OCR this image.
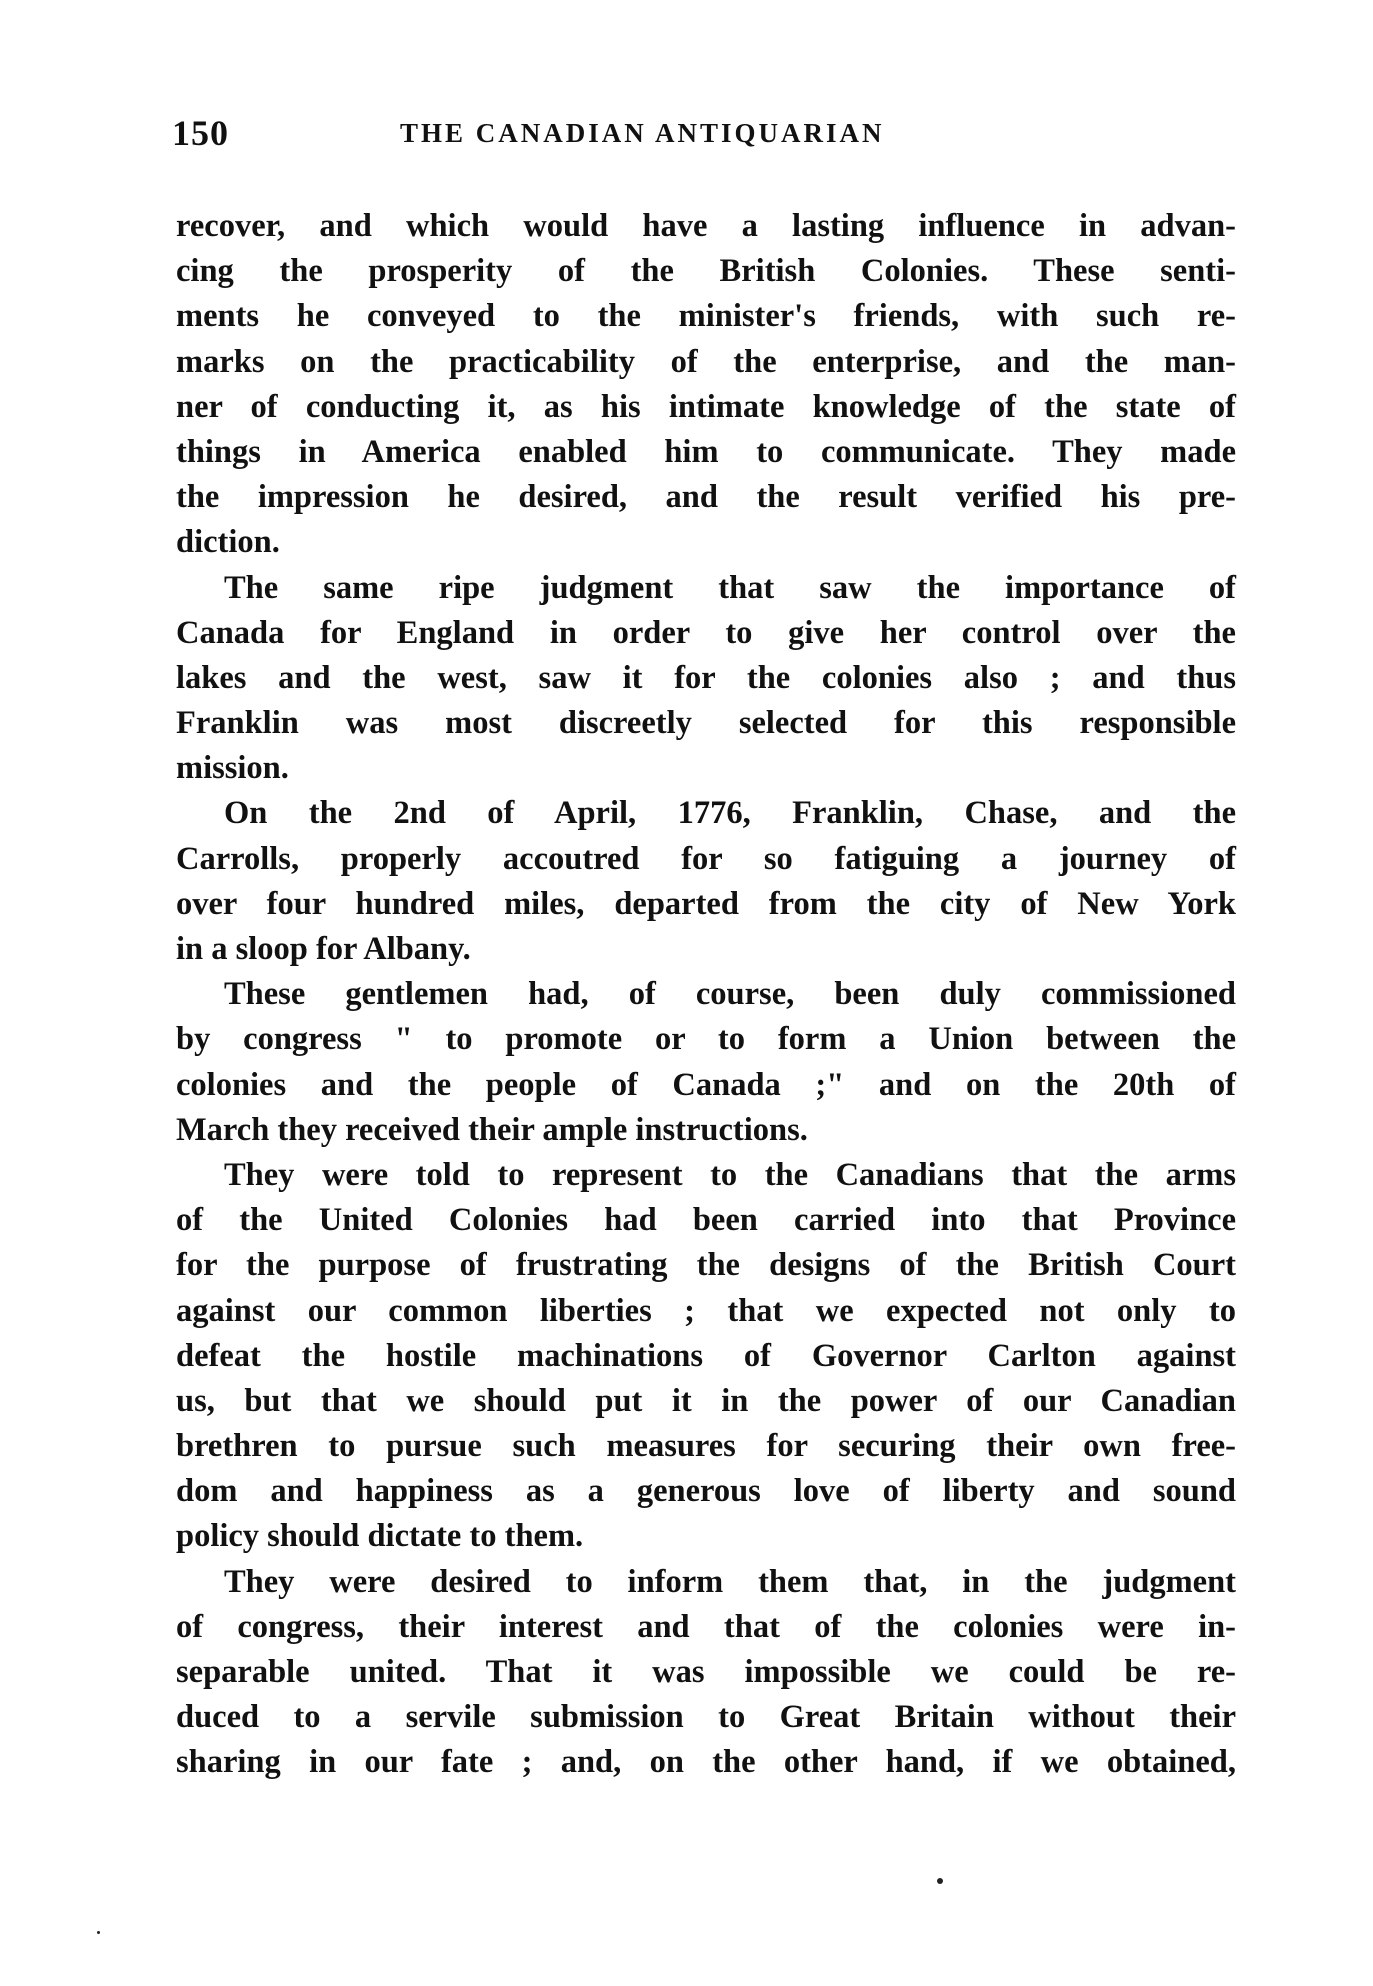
150	THE CANADIAN ANTIQUARIAN
recover, and which would have a lasting influence in advan-
cing the prosperity of the British Colonies. These senti-
ments he conveyed to the minister's friends, with such re-
marks on the practicability of the enterprise, and the man-
ner of conducting it, as his intimate knowledge of the state of
things in America enabled him to communicate. They made
the impression he desired, and the result verified his pre-
diction.
The same ripe judgment that saw the importance of
Canada for England in order to give her control over the
lakes and the west, saw it for the colonies also ; and thus
Franklin was most discreetly selected for this responsible
mission.
On the 2nd of April, 1776, Franklin, Chase, and the
Carrolls, properly accoutred for so fatiguing a journey of
over four hundred miles, departed from the city of New York
in a sloop for Albany.
These gentlemen had, of course, been duly commissioned
by congress " to promote or to form a Union between the
colonies and the people of Canada ;" and on the 20th of
March they received their ample instructions.
They were told to represent to the Canadians that the arms
of the United Colonies had been carried into that Province
for the purpose of frustrating the designs of the British Court
against our common liberties ; that we expected not only to
defeat the hostile machinations of Governor Carlton against
us, but that we should put it in the power of our Canadian
brethren to pursue such measures for securing their own free-
dom and happiness as a generous love of liberty and sound
policy should dictate to them.
They were desired to inform them that, in the judgment
of congress, their interest and that of the colonies were in-
separable united. That it was impossible we could be re-
duced to a servile submission to Great Britain without their
sharing in our fate ; and, on the other hand, if we obtained,
